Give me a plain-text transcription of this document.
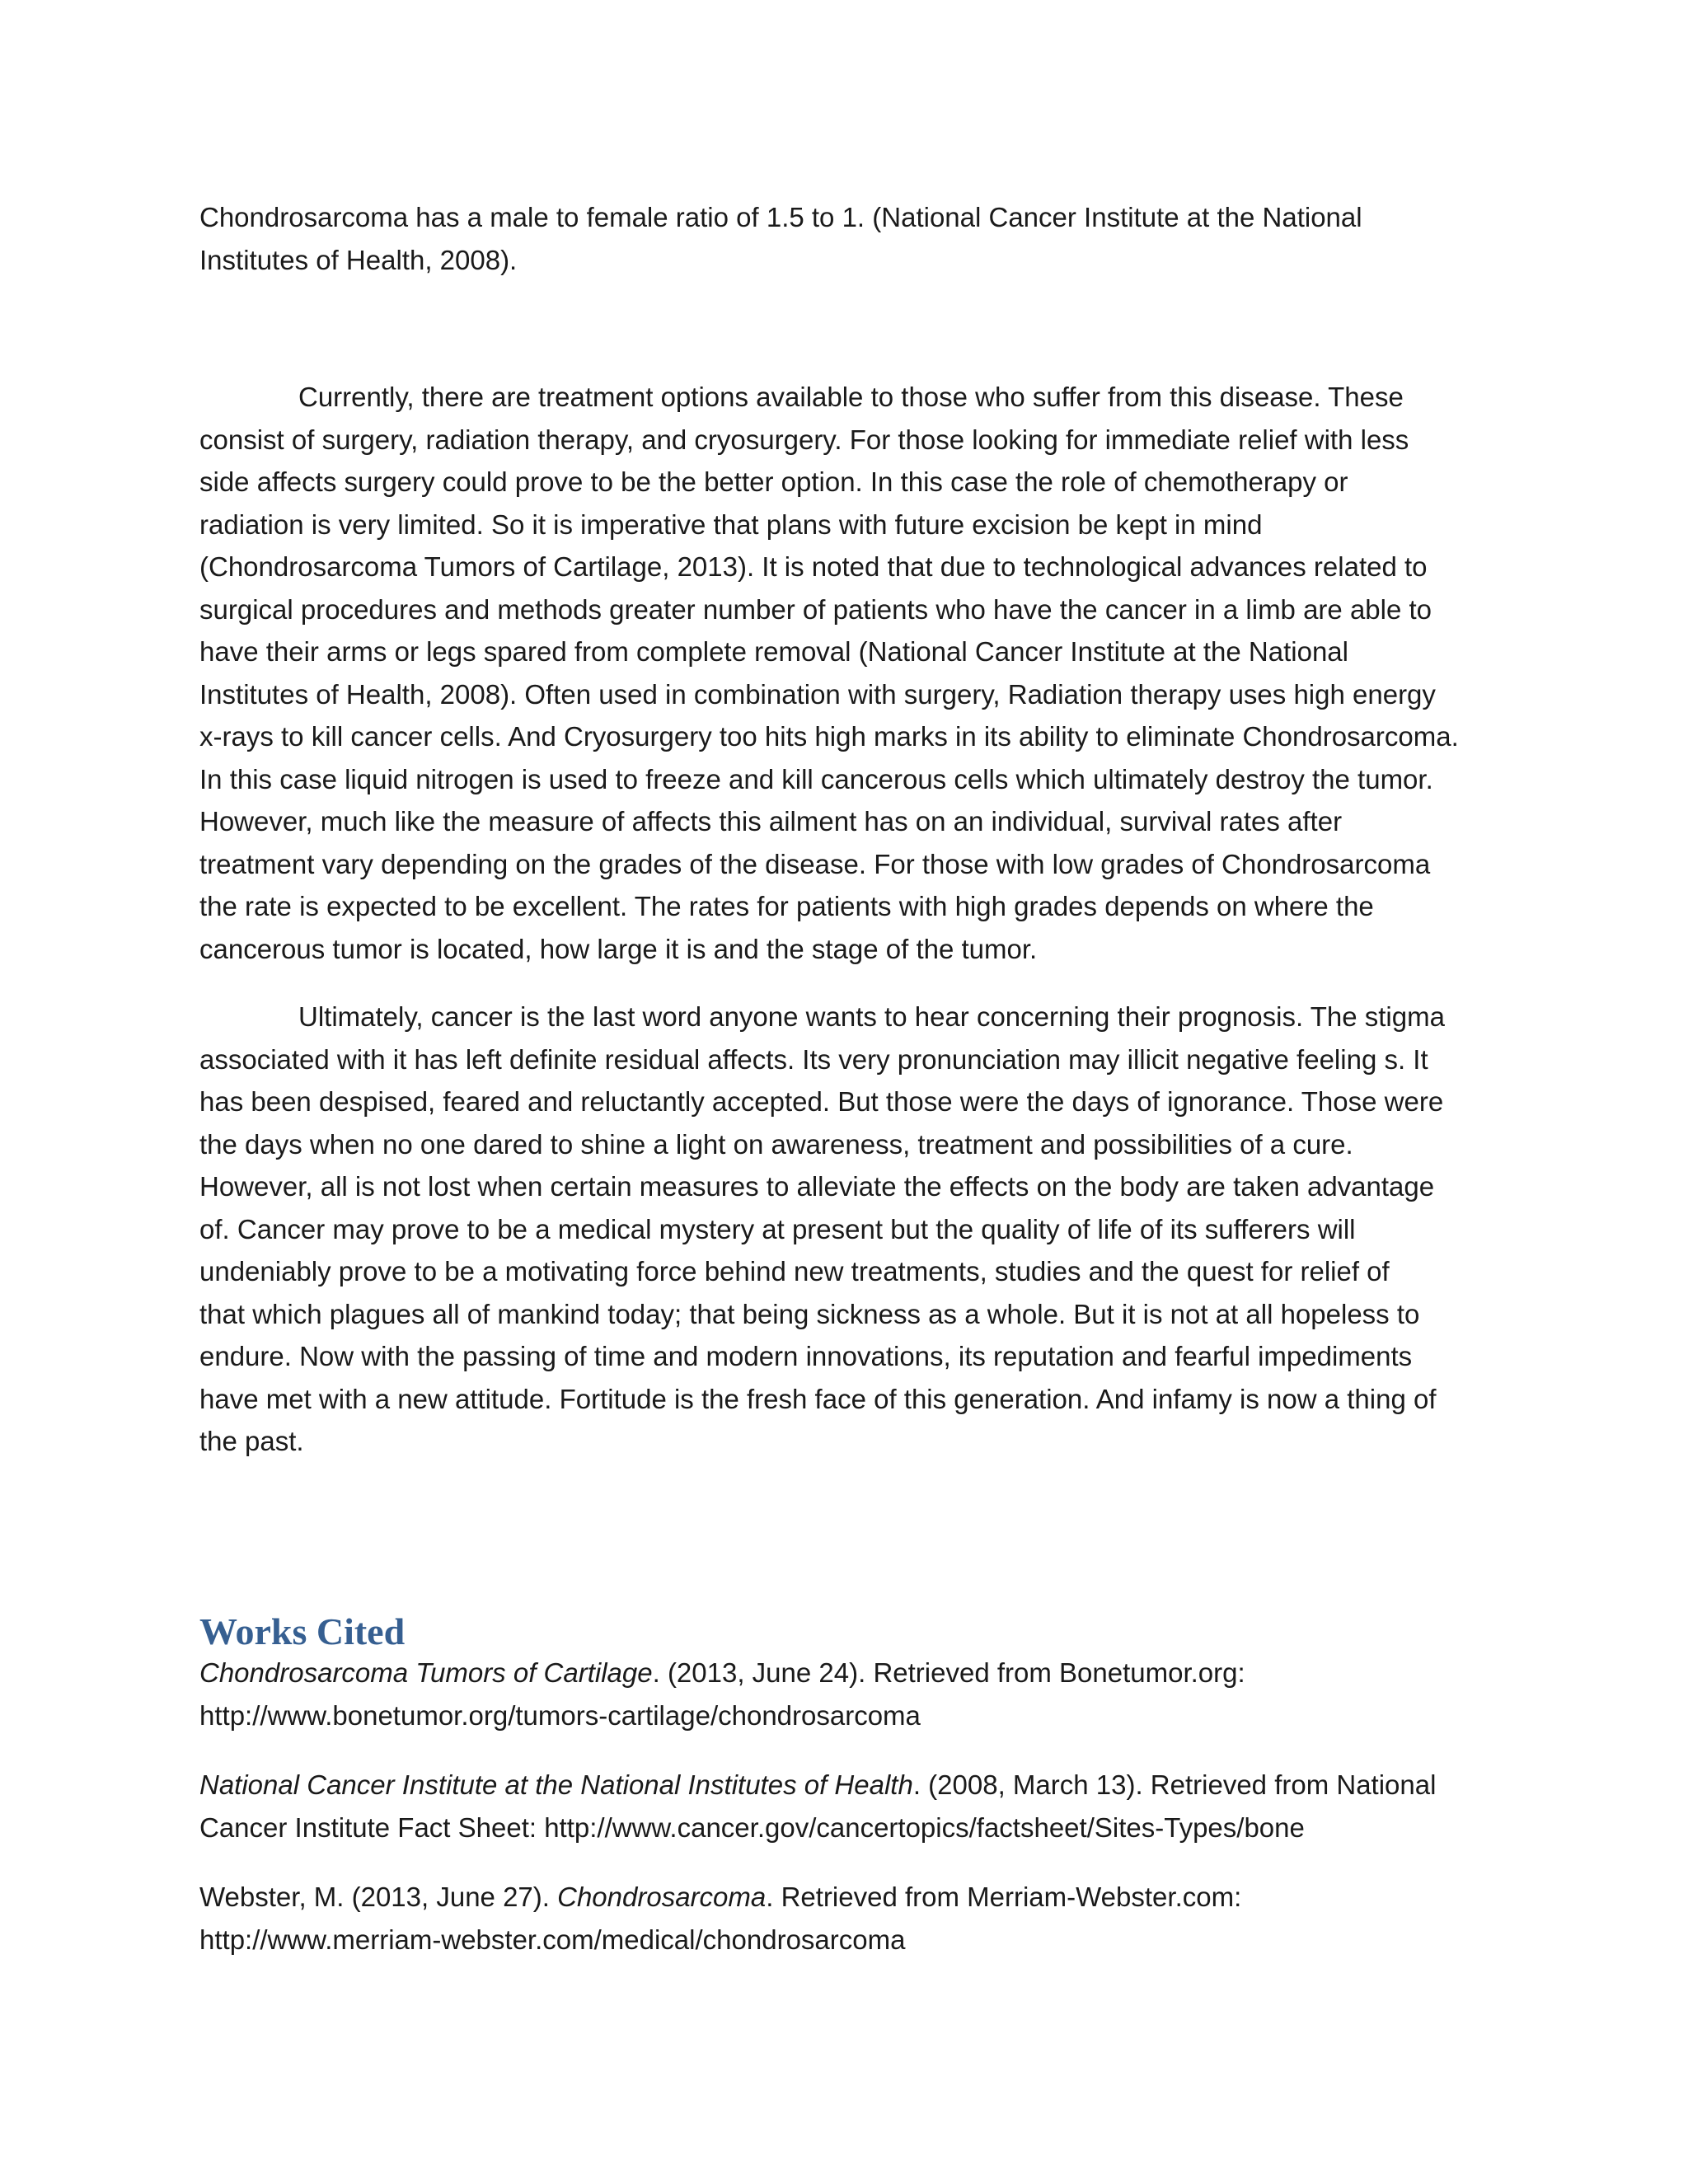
Chondrosarcoma has a male to female ratio of 1.5 to 1. (National Cancer Institute at the National
Institutes of Health, 2008).

Currently, there are treatment options available to those who suffer from this disease. These
consist of surgery, radiation therapy, and cryosurgery. For those looking for immediate relief with less
side affects surgery could prove to be the better option. In this case the role of chemotherapy or
radiation is very limited. So it is imperative that plans with future excision be kept in mind
(Chondrosarcoma Tumors of Cartilage, 2013). It is noted that due to technological advances related to
surgical procedures and methods greater number of patients who have the cancer in a limb are able to
have their arms or legs spared from complete removal (National Cancer Institute at the National
Institutes of Health, 2008). Often used in combination with surgery, Radiation therapy uses high energy
x-rays to kill cancer cells. And Cryosurgery too hits high marks in its ability to eliminate Chondrosarcoma.
In this case liquid nitrogen is used to freeze and kill cancerous cells which ultimately destroy the tumor.
However, much like the measure of affects this ailment has on an individual, survival rates after
treatment vary depending on the grades of the disease. For those with low grades of Chondrosarcoma
the rate is expected to be excellent. The rates for patients with high grades depends on where the
cancerous tumor is located, how large it is and the stage of the tumor.

Ultimately, cancer is the last word anyone wants to hear concerning their prognosis. The stigma
associated with it has left definite residual affects. Its very pronunciation may illicit negative feeling s. It
has been despised, feared and reluctantly accepted. But those were the days of ignorance. Those were
the days when no one dared to shine a light on awareness, treatment and possibilities of a cure.
However, all is not lost when certain measures to alleviate the effects on the body are taken advantage
of. Cancer may prove to be a medical mystery at present but the quality of life of its sufferers will
undeniably prove to be a motivating force behind new treatments, studies and the quest for relief of
that which plagues all of mankind today; that being sickness as a whole. But it is not at all hopeless to
endure. Now with the passing of time and modern innovations, its reputation and fearful impediments
have met with a new attitude. Fortitude is the fresh face of this generation. And infamy is now a thing of
the past.

Works Cited

Chondrosarcoma Tumors of Cartilage. (2013, June 24). Retrieved from Bonetumor.org:
http://www.bonetumor.org/tumors-cartilage/chondrosarcoma

National Cancer Institute at the National Institutes of Health. (2008, March 13). Retrieved from National
Cancer Institute Fact Sheet: http://www.cancer.gov/cancertopics/factsheet/Sites-Types/bone

Webster, M. (2013, June 27). Chondrosarcoma. Retrieved from Merriam-Webster.com:
http://www.merriam-webster.com/medical/chondrosarcoma
